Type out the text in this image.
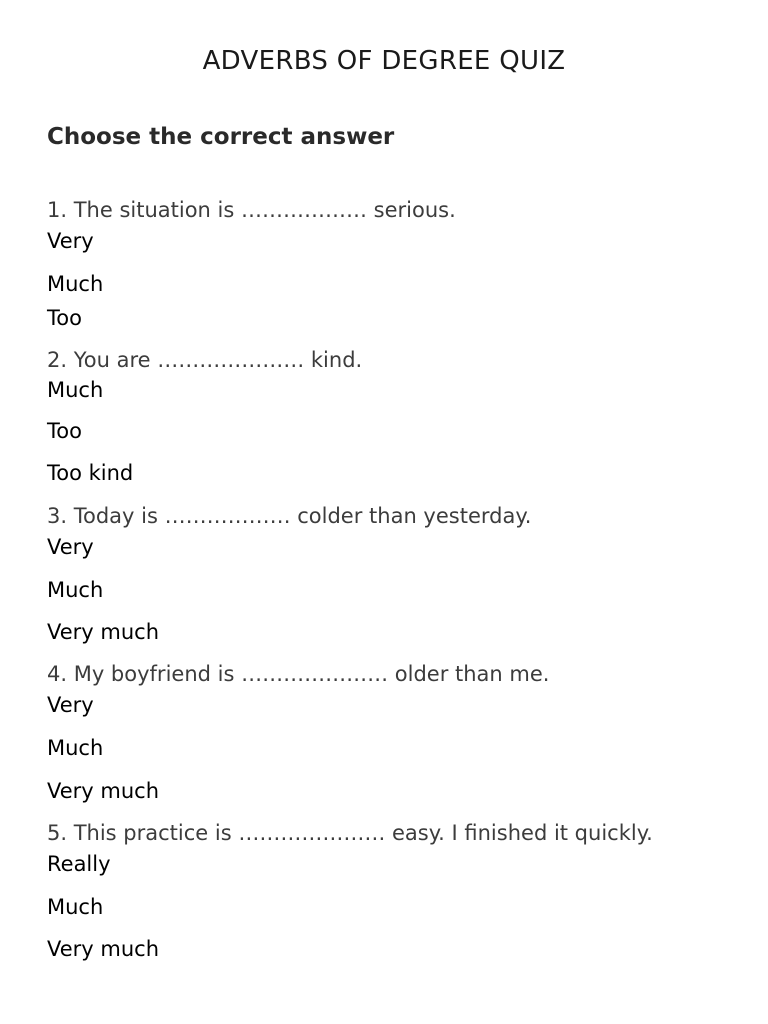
ADVERBS OF DEGREE QUIZ
Choose the correct answer
1. The situation is ……………… serious.
Very
Much
Too
2. You are ………………… kind.
Much
Too
Too kind
3. Today is ……………… colder than yesterday.
Very
Much
Very much
4. My boyfriend is ………………… older than me.
Very
Much
Very much
5. This practice is ………………… easy. I finished it quickly.
Really
Much
Very much
